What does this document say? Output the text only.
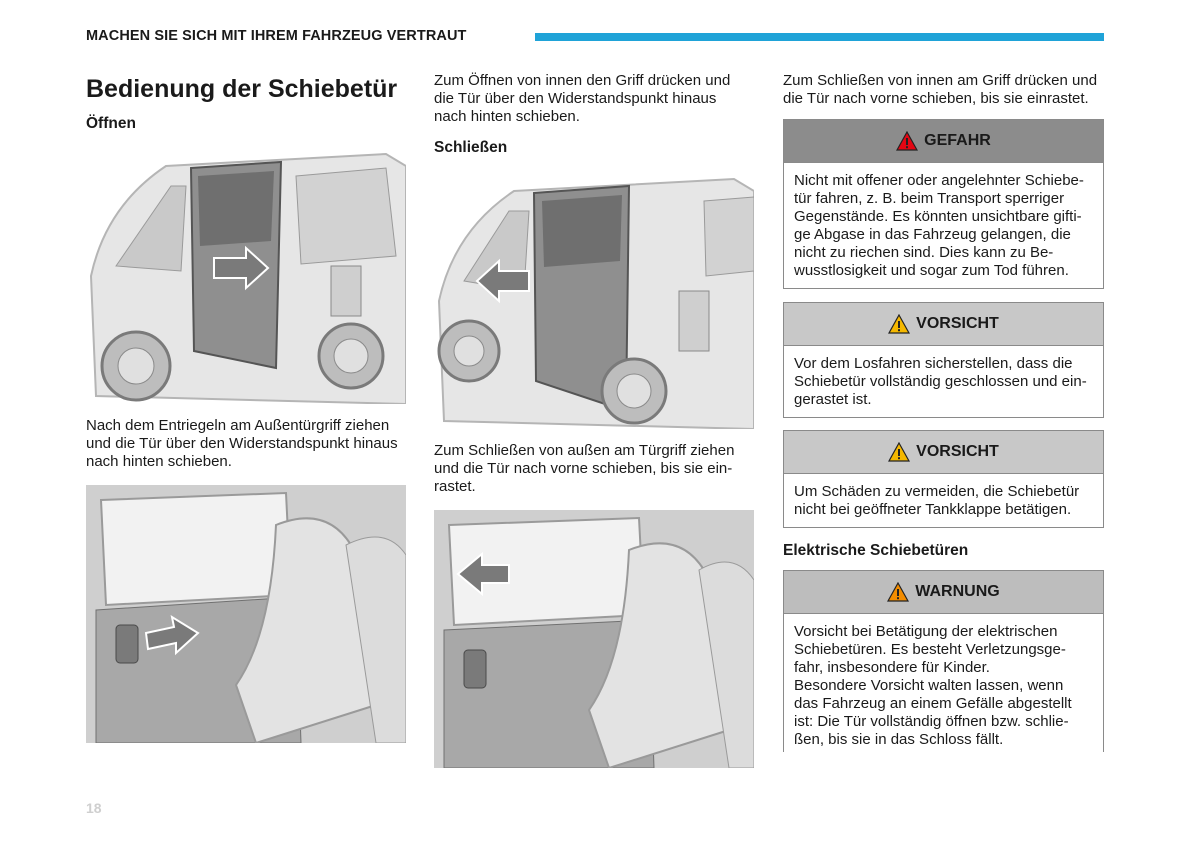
MACHEN SIE SICH MIT IHREM FAHRZEUG VERTRAUT
Bedienung der Schiebetür
Öffnen
Nach dem Entriegeln am Außentürgriff ziehen
und die Tür über den Widerstandspunkt hinaus
nach hinten schieben.
Zum Öffnen von innen den Griff drücken und
die Tür über den Widerstandspunkt hinaus
nach hinten schieben.
Schließen
Zum Schließen von außen am Türgriff ziehen
und die Tür nach vorne schieben, bis sie ein-
rastet.
Zum Schließen von innen am Griff drücken und
die Tür nach vorne schieben, bis sie einrastet.
GEFAHR
Nicht mit offener oder angelehnter Schiebe-
tür fahren, z. B. beim Transport sperriger
Gegenstände. Es könnten unsichtbare gifti-
ge Abgase in das Fahrzeug gelangen, die
nicht zu riechen sind. Dies kann zu Be-
wusstlosigkeit und sogar zum Tod führen.
VORSICHT
Vor dem Losfahren sicherstellen, dass die
Schiebetür vollständig geschlossen und ein-
gerastet ist.
VORSICHT
Um Schäden zu vermeiden, die Schiebetür
nicht bei geöffneter Tankklappe betätigen.
Elektrische Schiebetüren
WARNUNG
Vorsicht bei Betätigung der elektrischen
Schiebetüren. Es besteht Verletzungsge-
fahr, insbesondere für Kinder.
Besondere Vorsicht walten lassen, wenn
das Fahrzeug an einem Gefälle abgestellt
ist: Die Tür vollständig öffnen bzw. schlie-
ßen, bis sie in das Schloss fällt.
18
